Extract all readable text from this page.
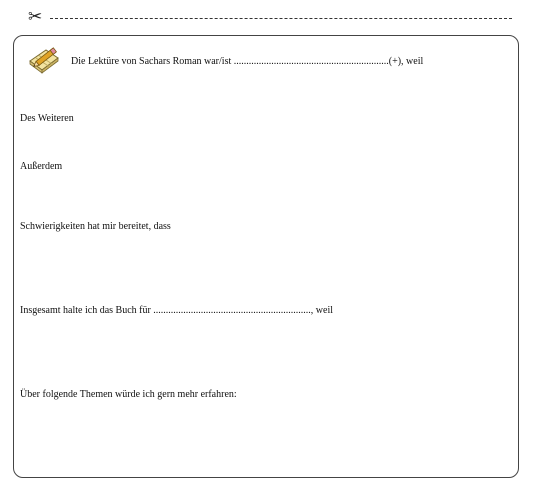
✂
Die Lektüre von Sachars Roman war/ist ..............................................................(+), weil
Des Weiteren
Außerdem
Schwierigkeiten hat mir bereitet, dass
Insgesamt halte ich das Buch für ..............................................................., weil
Über folgende Themen würde ich gern mehr erfahren:
